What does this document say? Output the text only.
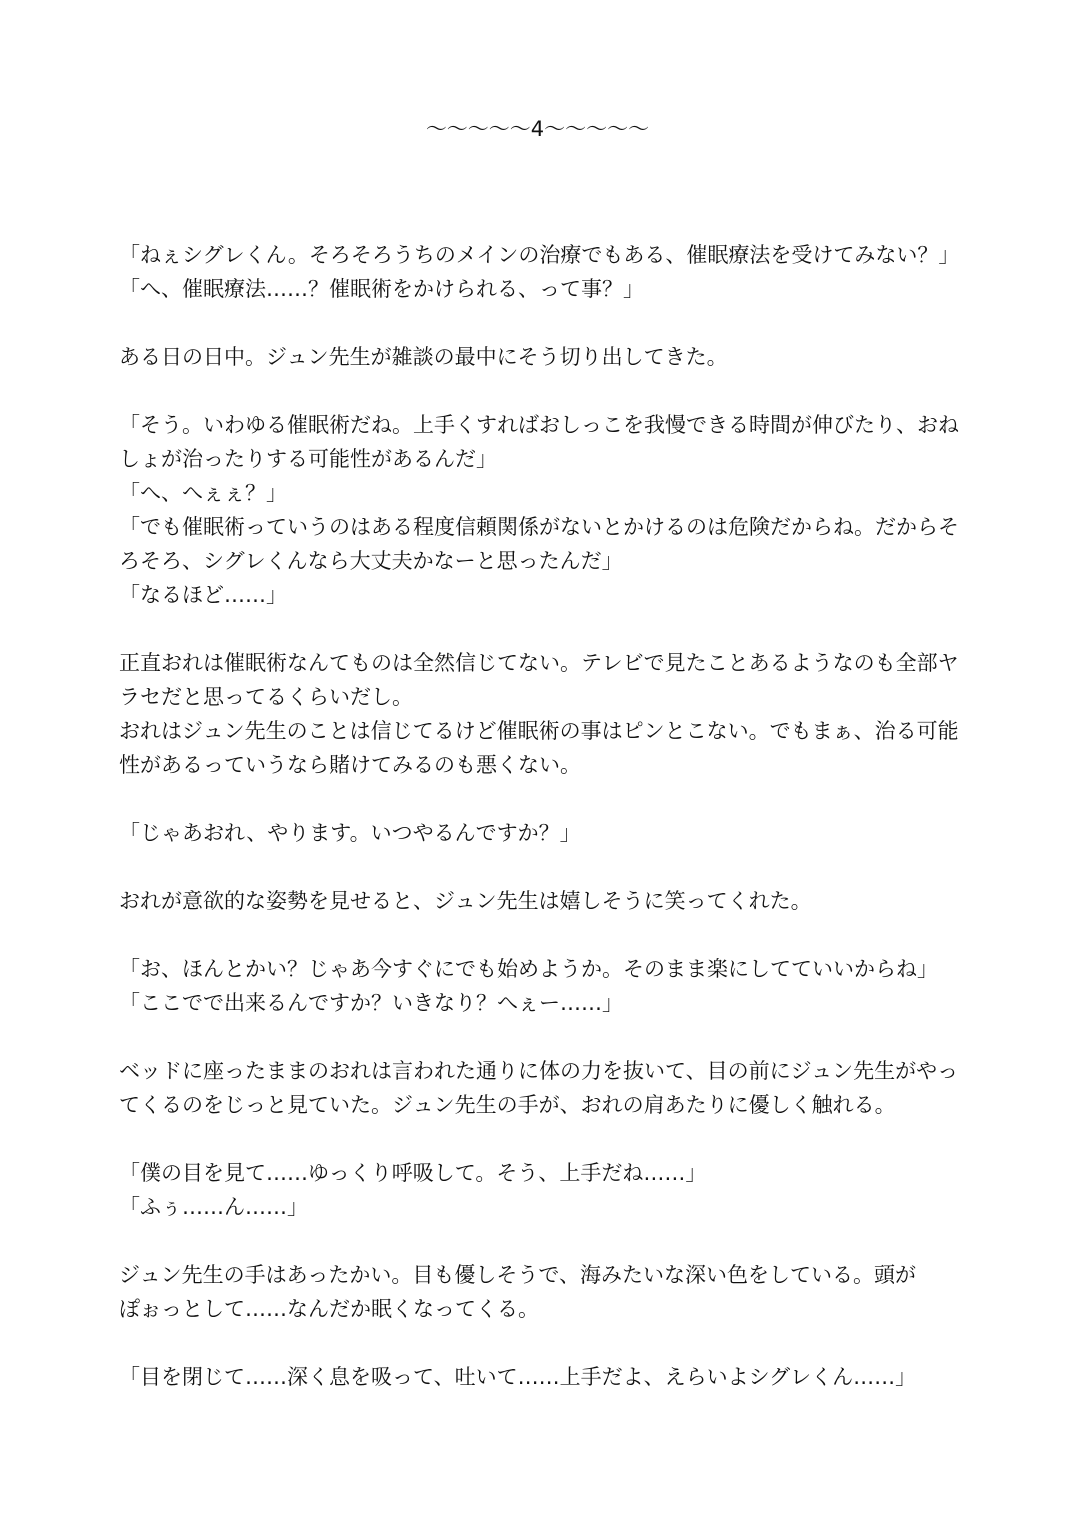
〜〜〜〜〜4〜〜〜〜〜
「ねぇシグレくん。そろそろうちのメインの治療でもある、催眠療法を受けてみない？」
「へ、催眠療法……？催眠術をかけられる、って事？」
ある日の日中。ジュン先生が雑談の最中にそう切り出してきた。
「そう。いわゆる催眠術だね。上手くすればおしっこを我慢できる時間が伸びたり、おね
しょが治ったりする可能性があるんだ」
「へ、へぇぇ？」
「でも催眠術っていうのはある程度信頼関係がないとかけるのは危険だからね。だからそ
ろそろ、シグレくんなら大丈夫かなーと思ったんだ」
「なるほど……」
正直おれは催眠術なんてものは全然信じてない。テレビで見たことあるようなのも全部ヤ
ラセだと思ってるくらいだし。
おれはジュン先生のことは信じてるけど催眠術の事はピンとこない。でもまぁ、治る可能
性があるっていうなら賭けてみるのも悪くない。
「じゃあおれ、やります。いつやるんですか？」
おれが意欲的な姿勢を見せると、ジュン先生は嬉しそうに笑ってくれた。
「お、ほんとかい？じゃあ今すぐにでも始めようか。そのまま楽にしてていいからね」
「ここでで出来るんですか？いきなり？へぇー……」
ベッドに座ったままのおれは言われた通りに体の力を抜いて、目の前にジュン先生がやっ
てくるのをじっと見ていた。ジュン先生の手が、おれの肩あたりに優しく触れる。
「僕の目を見て……ゆっくり呼吸して。そう、上手だね……」
「ふぅ……ん……」
ジュン先生の手はあったかい。目も優しそうで、海みたいな深い色をしている。頭が
ぽぉっとして……なんだか眠くなってくる。
「目を閉じて……深く息を吸って、吐いて……上手だよ、えらいよシグレくん……」
